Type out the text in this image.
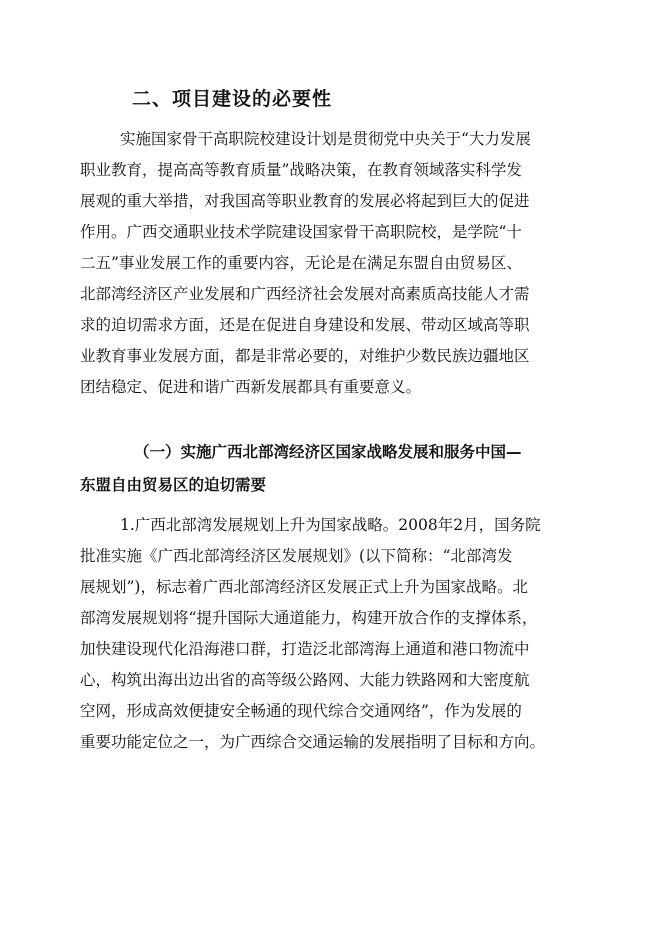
二、项目建设的必要性
实施国家骨干高职院校建设计划是贯彻党中央关于“大力发展
职业教育，提高高等教育质量”战略决策，在教育领域落实科学发
展观的重大举措，对我国高等职业教育的发展必将起到巨大的促进
作用。广西交通职业技术学院建设国家骨干高职院校，是学院“十
二五”事业发展工作的重要内容，无论是在满足东盟自由贸易区、
北部湾经济区产业发展和广西经济社会发展对高素质高技能人才需
求的迫切需求方面，还是在促进自身建设和发展、带动区域高等职
业教育事业发展方面，都是非常必要的，对维护少数民族边疆地区
团结稳定、促进和谐广西新发展都具有重要意义。
（一）实施广西北部湾经济区国家战略发展和服务中国—
东盟自由贸易区的迫切需要
1.广西北部湾发展规划上升为国家战略。2008年2月，国务院
批准实施《广西北部湾经济区发展规划》(以下简称：“北部湾发
展规划”)，标志着广西北部湾经济区发展正式上升为国家战略。北
部湾发展规划将“提升国际大通道能力，构建开放合作的支撑体系，
加快建设现代化沿海港口群，打造泛北部湾海上通道和港口物流中
心，构筑出海出边出省的高等级公路网、大能力铁路网和大密度航
空网，形成高效便捷安全畅通的现代综合交通网络”，作为发展的
重要功能定位之一，为广西综合交通运输的发展指明了目标和方向。
